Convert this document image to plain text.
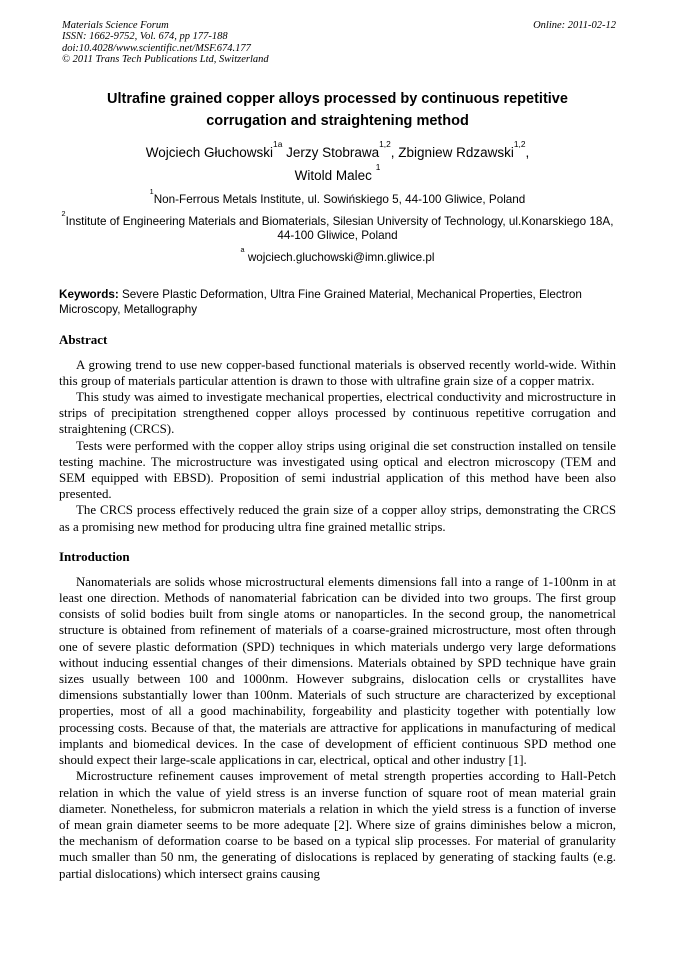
Materials Science Forum
ISSN: 1662-9752, Vol. 674, pp 177-188
doi:10.4028/www.scientific.net/MSF.674.177
© 2011 Trans Tech Publications Ltd, Switzerland
Online: 2011-02-12
Ultrafine grained copper alloys processed by continuous repetitive corrugation and straightening method
Wojciech Głuchowski$^{1a}$ Jerzy Stobrawa$^{1,2}$, Zbigniew Rdzawski$^{1,2}$,
Witold Malec $^1$
$^1$Non-Ferrous Metals Institute, ul. Sowińskiego 5, 44-100 Gliwice, Poland
$^2$Institute of Engineering Materials and Biomaterials, Silesian University of Technology, ul.Konarskiego 18A, 44-100 Gliwice, Poland
$^a$ wojciech.gluchowski@imn.gliwice.pl
Keywords: Severe Plastic Deformation, Ultra Fine Grained Material, Mechanical Properties, Electron Microscopy, Metallography
Abstract

A growing trend to use new copper-based functional materials is observed recently world-wide. Within this group of materials particular attention is drawn to those with ultrafine grain size of a copper matrix.

This study was aimed to investigate mechanical properties, electrical conductivity and microstructure in strips of precipitation strengthened copper alloys processed by continuous repetitive corrugation and straightening (CRCS).

Tests were performed with the copper alloy strips using original die set construction installed on tensile testing machine. The microstructure was investigated using optical and electron microscopy (TEM and SEM equipped with EBSD). Proposition of semi industrial application of this method have been also presented.

The CRCS process effectively reduced the grain size of a copper alloy strips, demonstrating the CRCS as a promising new method for producing ultra fine grained metallic strips.

Introduction

Nanomaterials are solids whose microstructural elements dimensions fall into a range of 1-100nm in at least one direction. Methods of nanomaterial fabrication can be divided into two groups. The first group consists of solid bodies built from single atoms or nanoparticles. In the second group, the nanometrical structure is obtained from refinement of materials of a coarse-grained microstructure, most often through one of severe plastic deformation (SPD) techniques in which materials undergo very large deformations without inducing essential changes of their dimensions. Materials obtained by SPD technique have grain sizes usually between 100 and 1000nm. However subgrains, dislocation cells or crystallites have dimensions substantially lower than 100nm. Materials of such structure are characterized by exceptional properties, most of all a good machinability, forgeability and plasticity together with potentially low processing costs. Because of that, the materials are attractive for applications in manufacturing of medical implants and biomedical devices. In the case of development of efficient continuous SPD method one should expect their large-scale applications in car, electrical, optical and other industry [1].

Microstructure refinement causes improvement of metal strength properties according to Hall-Petch relation in which the value of yield stress is an inverse function of square root of mean material grain diameter. Nonetheless, for submicron materials a relation in which the yield stress is a function of inverse of mean grain diameter seems to be more adequate [2]. Where size of grains diminishes below a micron, the mechanism of deformation coarse to be based on a typical slip processes. For material of granularity much smaller than 50 nm, the generating of dislocations is replaced by generating of stacking faults (e.g. partial dislocations) which intersect grains causing
